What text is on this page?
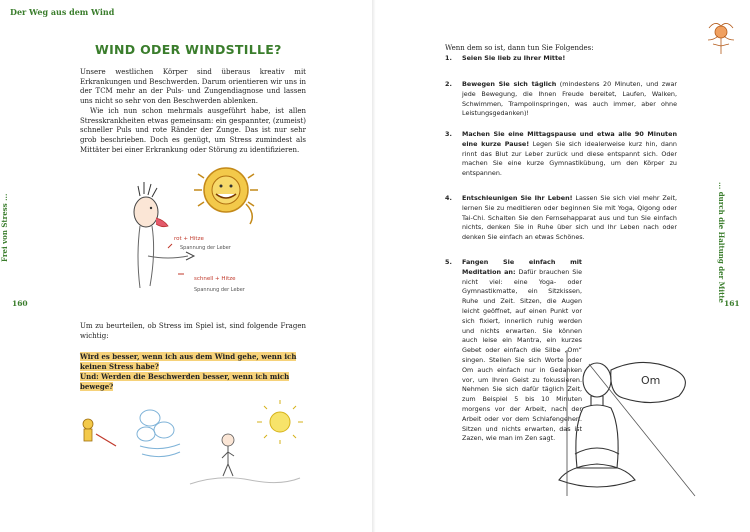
Der Weg aus dem Wind
WIND ODER WINDSTILLE?

Unsere westlichen Körper sind überaus kreativ mit Erkrankungen und Beschwerden. Darum orientieren wir uns in der TCM mehr an der Puls- und Zungendiagnose und lassen uns nicht so sehr von den Beschwerden ablenken.

Wie ich nun schon mehrmals ausgeführt habe, ist allen Stresskrankheiten etwas gemeinsam: ein gespannter, (zumeist) schneller Puls und rote Ränder der Zunge. Das ist nur sehr grob beschrieben. Doch es genügt, um Stress zumindest als Mittäter bei einer Erkrankung oder Störung zu identifizieren.

Um zu beurteilen, ob Stress im Spiel ist, sind folgende Fragen wichtig:
Wird es besser, wenn ich aus dem Wind gehe, wenn ich keinen Stress habe?
Und: Werden die Beschwerden besser, wenn ich mich bewege?
Frei von Stress ...
160
rot + Hitze
Spannung der Leber
schnell + Hitze
Spannung der Leber
Wenn dem so ist, dann tun Sie Folgendes:
1. Seien Sie lieb zu Ihrer Mitte!
2. Bewegen Sie sich täglich (mindestens 20 Minuten, und zwar jede Bewegung, die Ihnen Freude bereitet, Laufen, Walken, Schwimmen, Trampolinspringen, was auch immer, aber ohne Leistungsgedanken)!
3. Machen Sie eine Mittagspause und etwa alle 90 Minuten eine kurze Pause! Legen Sie sich idealerweise kurz hin, dann rinnt das Blut zur Leber zurück und diese entspannt sich. Oder machen Sie eine kurze Gymnastikübung, um den Körper zu entspannen.
4. Entschleunigen Sie Ihr Leben! Lassen Sie sich viel mehr Zeit, lernen Sie zu meditieren oder beginnen Sie mit Yoga, Qigong oder Tai-Chi. Schalten Sie den Fernsehapparat aus und tun Sie einfach nichts, denken Sie in Ruhe über sich und Ihr Leben nach oder denken Sie einfach an etwas Schönes.
5. Fangen Sie einfach mit Meditation an: Dafür brauchen Sie nicht viel: eine Yoga- oder Gymnastikmatte, ein Sitzkissen, Ruhe und Zeit. Sitzen, die Augen leicht geöffnet, auf einen Punkt vor sich fixiert, innerlich ruhig werden und nichts erwarten. Sie können auch leise ein Mantra, ein kurzes Gebet oder einfach die Silbe „Om“ singen. Stellen Sie sich Worte oder Om auch einfach nur in Gedanken vor, um Ihren Geist zu fokussieren. Nehmen Sie sich dafür täglich Zeit, zum Beispiel 5 bis 10 Minuten morgens vor der Arbeit, nach der Arbeit oder vor dem Schlafengehen. Sitzen und nichts erwarten, das ist Zazen, wie man im Zen sagt.
... durch die Haltung der Mitte
161
Om
